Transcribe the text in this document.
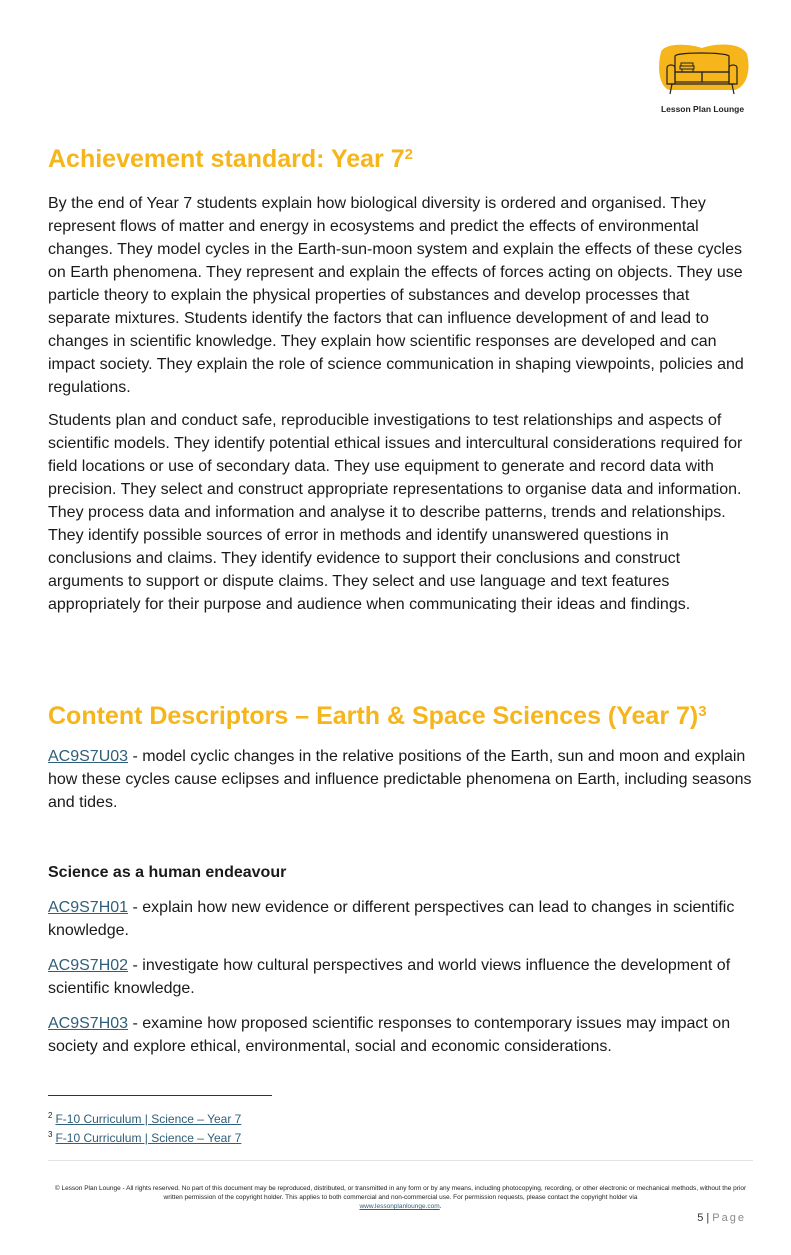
Lesson Plan Lounge
Achievement standard: Year $7^2$

By the end of Year 7 students explain how biological diversity is ordered and organised. They represent flows of matter and energy in ecosystems and predict the effects of environmental changes. They model cycles in the Earth-sun-moon system and explain the effects of these cycles on Earth phenomena. They represent and explain the effects of forces acting on objects. They use particle theory to explain the physical properties of substances and develop processes that separate mixtures. Students identify the factors that can influence development of and lead to changes in scientific knowledge. They explain how scientific responses are developed and can impact society. They explain the role of science communication in shaping viewpoints, policies and regulations.

Students plan and conduct safe, reproducible investigations to test relationships and aspects of scientific models. They identify potential ethical issues and intercultural considerations required for field locations or use of secondary data. They use equipment to generate and record data with precision. They select and construct appropriate representations to organise data and information. They process data and information and analyse it to describe patterns, trends and relationships. They identify possible sources of error in methods and identify unanswered questions in conclusions and claims. They identify evidence to support their conclusions and construct arguments to support or dispute claims. They select and use language and text features appropriately for their purpose and audience when communicating their ideas and findings.

Content Descriptors – Earth & Space Sciences (Year 7)$^3$

AC9S7U03 - model cyclic changes in the relative positions of the Earth, sun and moon and explain how these cycles cause eclipses and influence predictable phenomena on Earth, including seasons and tides.

Science as a human endeavour

AC9S7H01 - explain how new evidence or different perspectives can lead to changes in scientific knowledge.

AC9S7H02 - investigate how cultural perspectives and world views influence the development of scientific knowledge.

AC9S7H03 - examine how proposed scientific responses to contemporary issues may impact on society and explore ethical, environmental, social and economic considerations.

$^2$ F-10 Curriculum | Science – Year 7
$^3$ F-10 Curriculum | Science – Year 7
© Lesson Plan Lounge - All rights reserved. No part of this document may be reproduced, distributed, or transmitted in any form or by any means, including photocopying, recording, or other electronic or mechanical methods, without the prior written permission of the copyright holder. This applies to both commercial and non-commercial use. For permission requests, please contact the copyright holder via
www.lessonplanlounge.com.
5 | Page
